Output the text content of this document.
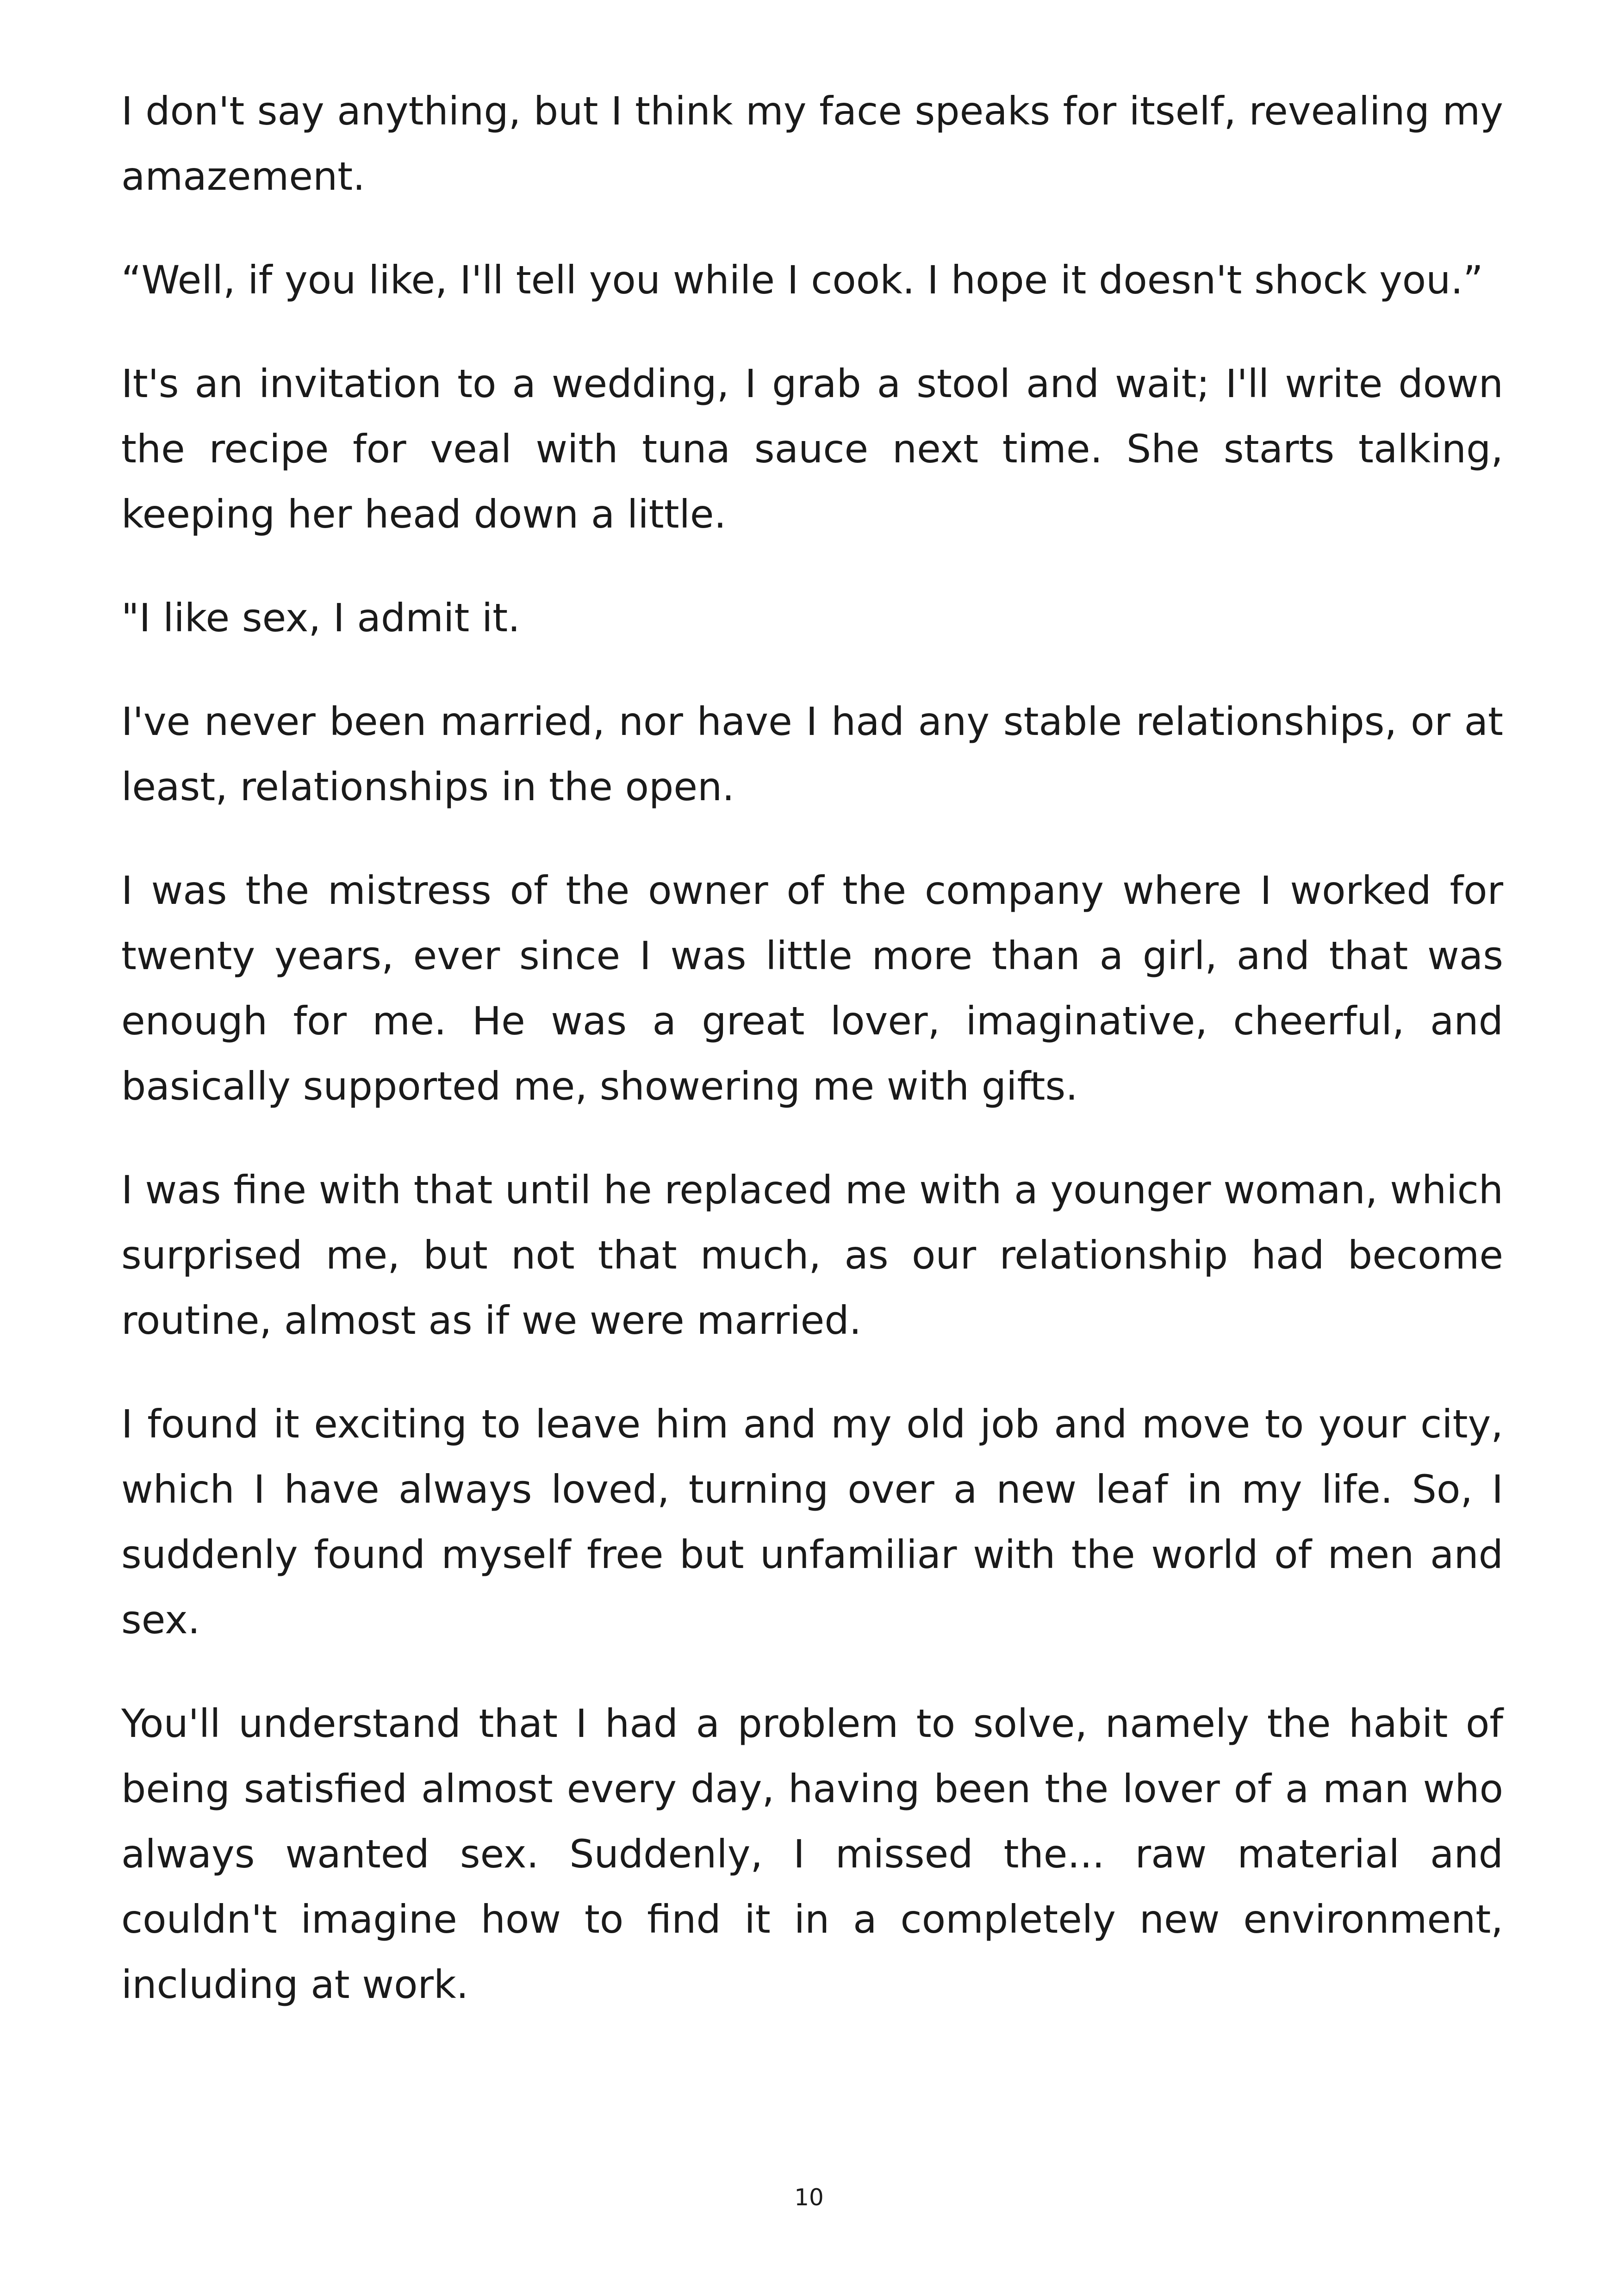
I don't say anything, but I think my face speaks for itself, revealing my amazement.

“Well, if you like, I'll tell you while I cook. I hope it doesn't shock you.”

It's an invitation to a wedding, I grab a stool and wait; I'll write down the recipe for veal with tuna sauce next time. She starts talking, keeping her head down a little.

"I like sex, I admit it.

I've never been married, nor have I had any stable relationships, or at least, relationships in the open.

I was the mistress of the owner of the company where I worked for twenty years, ever since I was little more than a girl, and that was enough for me. He was a great lover, imaginative, cheerful, and basically supported me, showering me with gifts.

I was fine with that until he replaced me with a younger woman, which surprised me, but not that much, as our relationship had become routine, almost as if we were married.

I found it exciting to leave him and my old job and move to your city, which I have always loved, turning over a new leaf in my life. So, I suddenly found myself free but unfamiliar with the world of men and sex.

You'll understand that I had a problem to solve, namely the habit of being satisfied almost every day, having been the lover of a man who always wanted sex. Suddenly, I missed the... raw material and couldn't imagine how to find it in a completely new environment, including at work.

10
